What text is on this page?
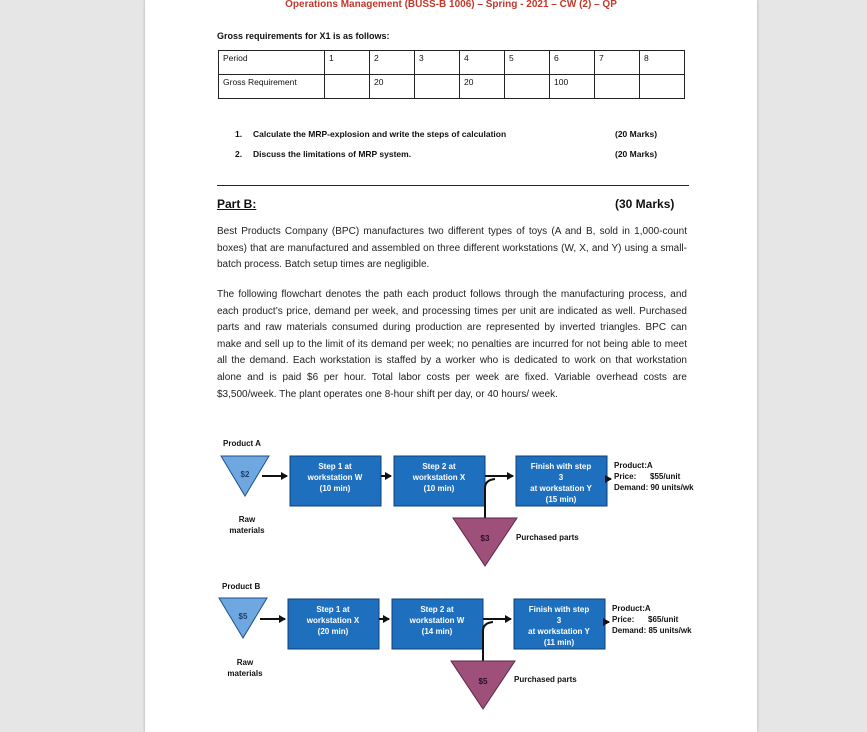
Operations Management (BUSS-B 1006) – Spring - 2021 – CW (2) – QP
Gross requirements for X1 is as follows:
Period	1	2	3	4	5	6	7	8
Gross Requirement		20		20		100		
1. Calculate the MRP-explosion and write the steps of calculation	(20 Marks)
2. Discuss the limitations of MRP system.	(20 Marks)
Part B:	(30 Marks)
Best Products Company (BPC) manufactures two different types of toys (A and B, sold in 1,000-count boxes) that are manufactured and assembled on three different workstations (W, X, and Y) using a small-batch process. Batch setup times are negligible.
The following flowchart denotes the path each product follows through the manufacturing process, and each product’s price, demand per week, and processing times per unit are indicated as well. Purchased parts and raw materials consumed during production are represented by inverted triangles. BPC can make and sell up to the limit of its demand per week; no penalties are incurred for not being able to meet all the demand. Each workstation is staffed by a worker who is dedicated to work on that workstation alone and is paid $6 per hour. Total labor costs per week are fixed. Variable overhead costs are $3,500/week. The plant operates one 8-hour shift per day, or 40 hours/ week.
Product A
$2
Raw
materials
Step 1 at
workstation W
(10 min)
Step 2 at
workstation X
(10 min)
Finish with step
3
at workstation Y
(15 min)
$3	Purchased parts
Product:A
Price: $55/unit
Demand: 90 units/wk
Product B
$5
Raw
materials
Step 1 at
workstation X
(20 min)
Step 2 at
workstation W
(14 min)
Finish with step
3
at workstation Y
(11 min)
$5	Purchased parts
Product:A
Price: $65/unit
Demand: 85 units/wk
